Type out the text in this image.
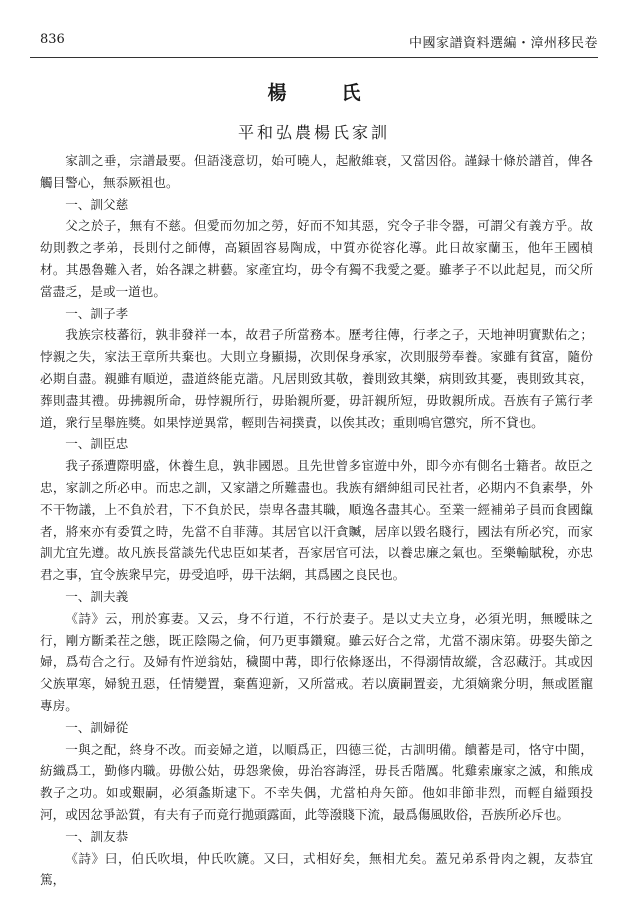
836	中國家譜資料選編・漳州移民卷
楊　氏
平和弘農楊氏家訓

家訓之垂，宗譜最要。但語淺意切，始可曉人，起敝維衰，又當因俗。謹録十條於譜首，俾各觸目警心，無忝厥祖也。

一、訓父慈

父之於子，無有不慈。但愛而勿加之勞，好而不知其惡，究令子非令器，可謂父有義方乎。故幼則教之孝弟，長則付之師傅，高穎固容易陶成，中質亦從容化導。此日故家蘭玉，他年王國楨材。其愚魯難入者，始各課之耕藝。家產宜均，毋令有獨不我愛之憂。雖孝子不以此起見，而父所當盡乏，是或一道也。

一、訓子孝

我族宗枝蕃衍，孰非發祥一本，故君子所當務本。歷考往傳，行孝之子，天地神明實默佑之；悖親之失，家法王章所共棄也。大則立身顯揚，次則保身承家，次則服勞奉養。家雖有貧富，隨份必期自盡。親雖有順逆，盡道終能克諧。凡居則致其敬，養則致其樂，病則致其憂，喪則致其哀，葬則盡其禮。毋拂親所命，毋悖親所行，毋貽親所憂，毋訐親所短，毋敗親所成。吾族有子篤行孝道，衆行呈舉旌獎。如果悖逆異常，輕則告祠撲責，以俟其改；重則鳴官懲究，所不貸也。

一、訓臣忠

我子孫遭際明盛，休養生息，孰非國恩。且先世曾多宦遊中外，即今亦有側名士籍者。故臣之忠，家訓之所必申。而忠之訓，又家譜之所難盡也。我族有縉紳組司民社者，必期内不負素學，外不干物議，上不負於君，下不負於民，崇卑各盡其職，順逸各盡其心。至業一經補弟子員而食國餼者，將來亦有委質之時，先當不自菲薄。其居官以汗貪贓，居庠以毀名賤行，國法有所必究，而家訓尤宜先遵。故凡族長當談先代忠臣如某者，吾家居官可法，以養忠廉之氣也。至樂輸賦稅，亦忠君之事，宜令族衆早完，毋受追呼，毋干法網，其爲國之良民也。

一、訓夫義

《詩》云，刑於寡妻。又云，身不行道，不行於妻子。是以丈夫立身，必須光明，無曖昧之行，剛方斷柔茬之態，既正陰陽之倫，何乃更事鑽窺。雖云好合之常，尤當不溺床第。毋娶失節之婦，爲苟合之行。及婦有忤逆翁姑，穢閩中冓，即行依條逐出，不得溺情故縱，含忍藏汙。其或因父族單寒，婦貌丑惡，任情變置，棄舊迎新，又所當戒。若以廣嗣置妾，尤須嫡衆分明，無或匿寵專房。

一、訓婦從

一與之配，終身不改。而妾婦之道，以順爲正，四德三從，古訓明備。饋蓄是司，恪守中閩，紡織爲工，勤修内職。毋傲公姑，毋怨衆儉，毋治容誨淫，毋長舌階厲。牝雞索廉家之滅，和熊成教子之功。如或艱嗣，必須螽斯逮下。不幸失偶，尤當柏舟矢節。他如非節非烈，而輕自縊頸投河，或因忿爭訟質，有夫有子而竟行拋頭露面，此等潑賤下流，最爲傷風敗俗，吾族所必斥也。

一、訓友恭

《詩》曰，伯氏吹塤，仲氏吹篪。又曰，式相好矣，無相尤矣。蓋兄弟系骨肉之親，友恭宜篤，
